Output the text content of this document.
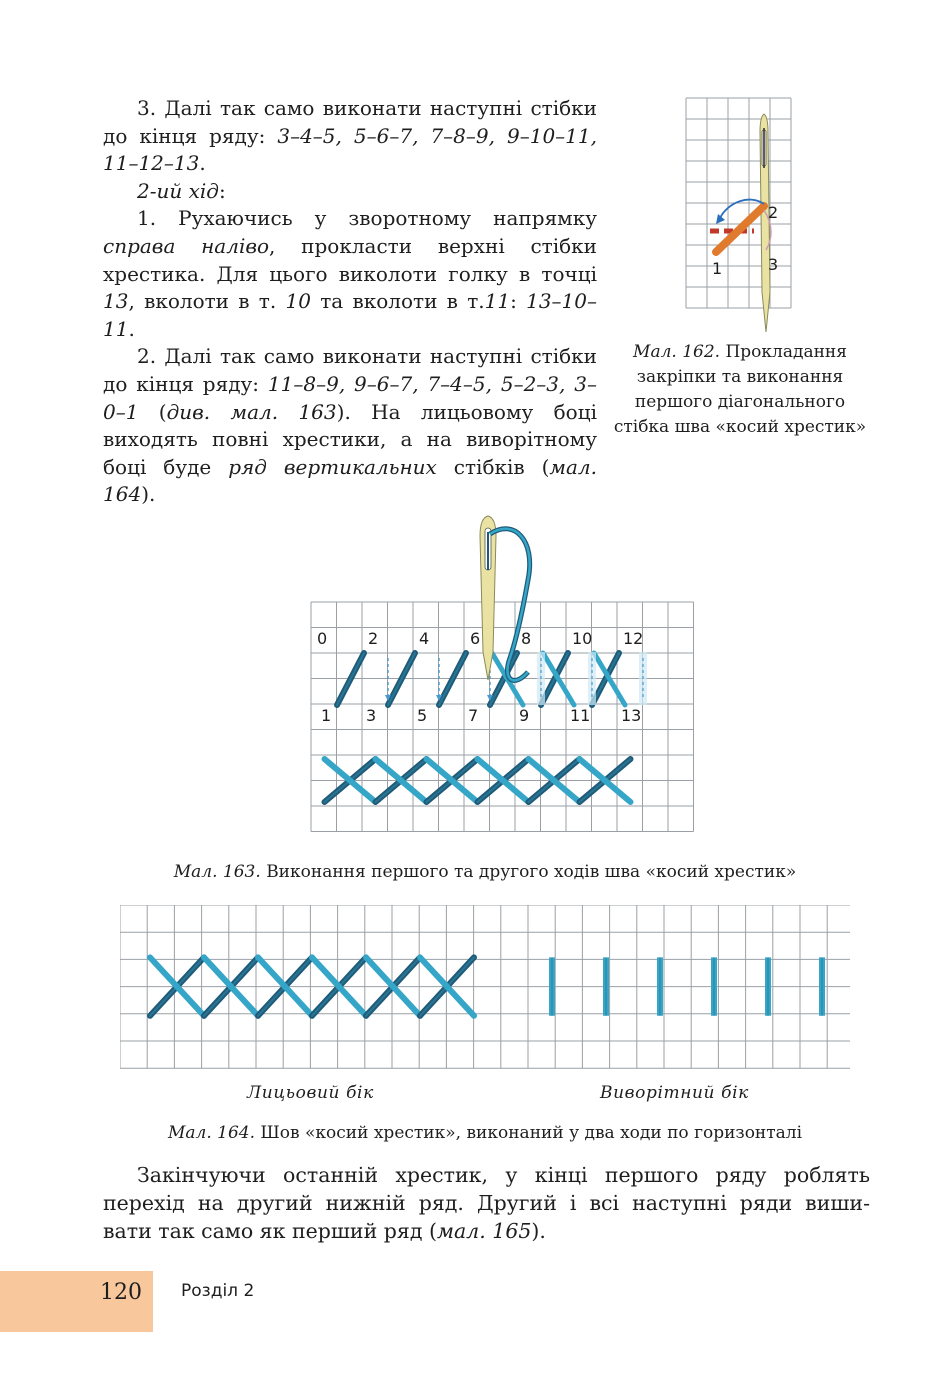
3. Далі так само виконати наступні стібки до кінця ряду: 3–4–5, 5–6–7, 7–8–9, 9–10–11, 11–12–13.
2-ий хід:
1. Рухаючись у зворотному напрямку справа наліво, прокласти верхні стібки хрестика. Для цього виколоти голку в точці 13, вколоти в т. 10 та вколоти в т.11: 13–10–11.
2. Далі так само виконати наступні стібки до кінця ряду: 11–8–9, 9–6–7, 7–4–5, 5–2–3, 3–0–1 (див. мал. 163). На лицьовому боці виходять повні хрестики, а на виворітному боці буде ряд вертикальних стібків (мал. 164).
1
2
3
Мал. 162. Прокладання закріпки та виконання першого діагонального стібка шва «косий хрестик»
0	2	4	6	8	10 12
1 3	5	7	9	11 13
Мал. 163. Виконання першого та другого ходів шва «косий хрестик»
Лицьовий бік	Виворітний бік
Мал. 164. Шов «косий хрестик», виконаний у два ходи по горизонталі
Закінчуючи останній хрестик, у кінці першого ряду роблять
перехід на другий нижній ряд. Другий і всі наступні ряди виши-
вати так само як перший ряд (мал. 165).
120 Розділ 2
